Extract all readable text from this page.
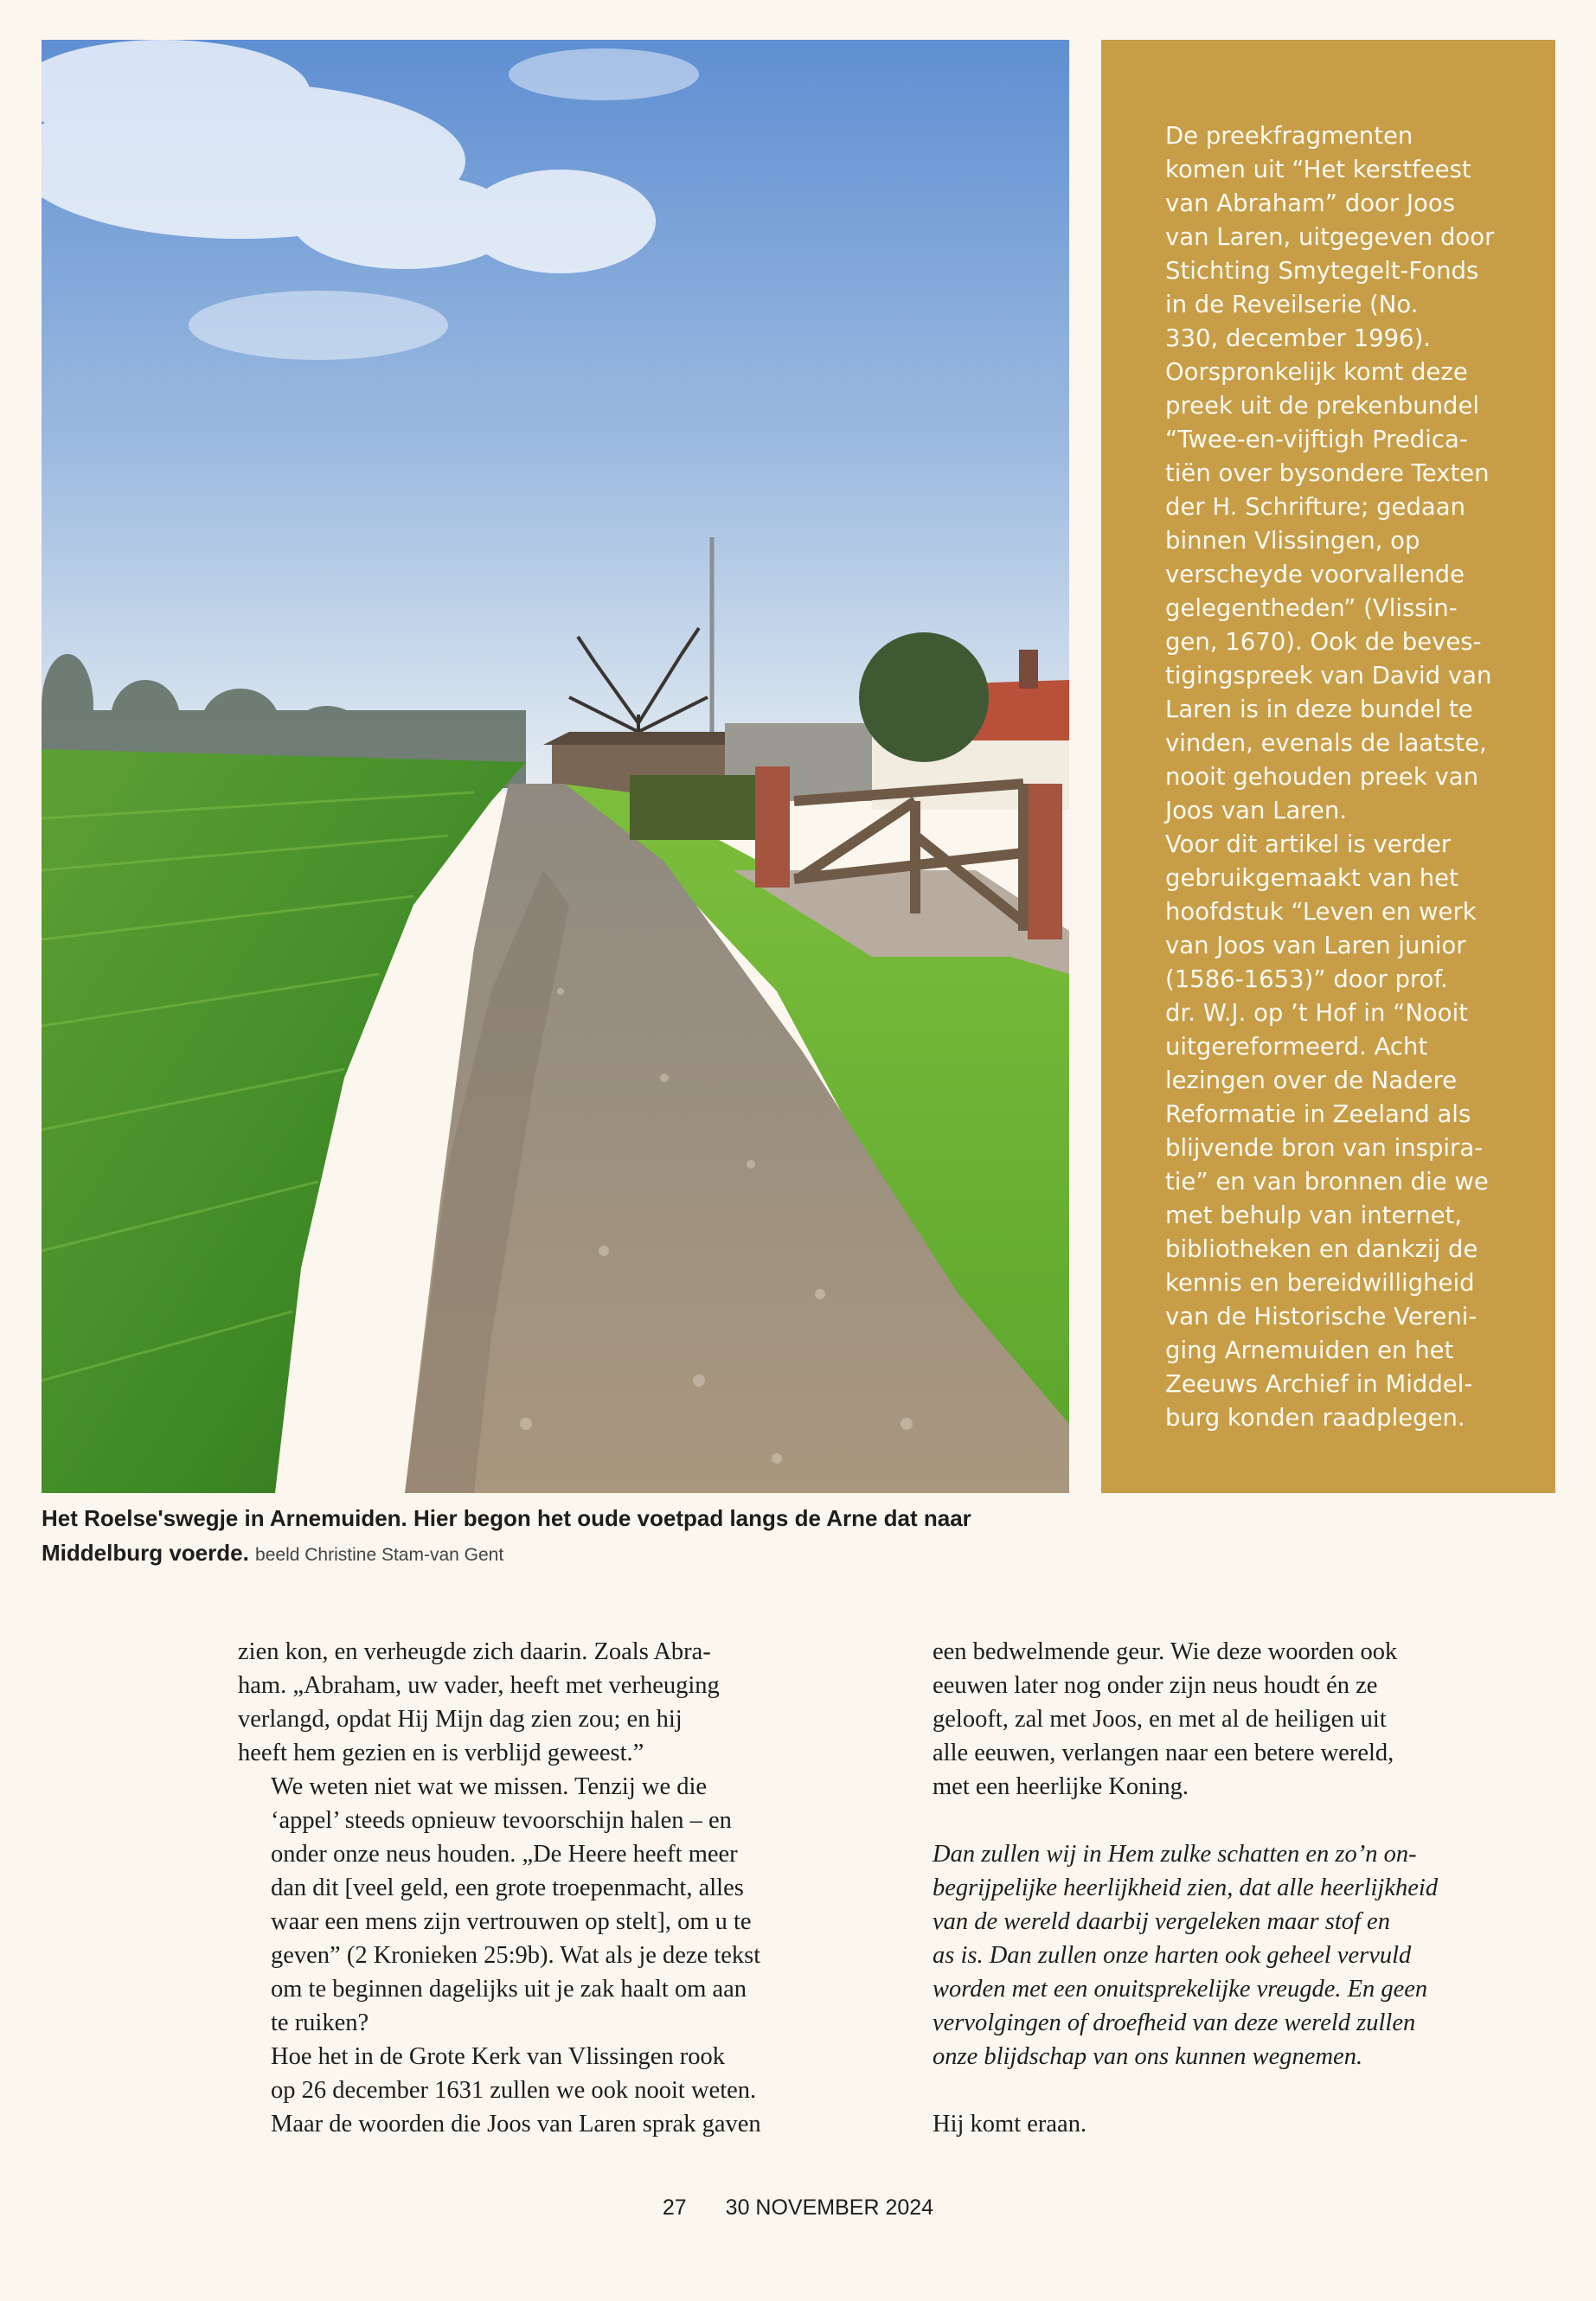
De preekfragmenten
komen uit “Het kerstfeest
van Abraham” door Joos
van Laren, uitgegeven door
Stichting Smytegelt-Fonds
in de Reveilserie (No.
330, december 1996).
Oorspronkelijk komt deze
preek uit de prekenbundel
“Twee-en-vijftigh Predica-
tiën over bysondere Texten
der H. Schrifture; gedaan
binnen Vlissingen, op
verscheyde voorvallende
gelegentheden” (Vlissin-
gen, 1670). Ook de beves-
tigingspreek van David van
Laren is in deze bundel te
vinden, evenals de laatste,
nooit gehouden preek van
Joos van Laren.
Voor dit artikel is verder
gebruikgemaakt van het
hoofdstuk “Leven en werk
van Joos van Laren junior
(1586-1653)” door prof.
dr. W.J. op ’t Hof in “Nooit
uitgereformeerd. Acht
lezingen over de Nadere
Reformatie in Zeeland als
blijvende bron van inspira-
tie” en van bronnen die we
met behulp van internet,
bibliotheken en dankzij de
kennis en bereidwilligheid
van de Historische Vereni-
ging Arnemuiden en het
Zeeuws Archief in Middel-
burg konden raadplegen.

Het Roelse'swegje in Arnemuiden. Hier begon het oude voetpad langs de Arne dat naar
Middelburg voerde. beeld Christine Stam-van Gent

zien kon, en verheugde zich daarin. Zoals Abra-
ham. „Abraham, uw vader, heeft met verheuging
verlangd, opdat Hij Mijn dag zien zou; en hij
heeft hem gezien en is verblijd geweest.”

We weten niet wat we missen. Tenzij we die
‘appel’ steeds opnieuw tevoorschijn halen – en
onder onze neus houden. „De Heere heeft meer
dan dit [veel geld, een grote troepenmacht, alles
waar een mens zijn vertrouwen op stelt], om u te
geven” (2 Kronieken 25:9b). Wat als je deze tekst
om te beginnen dagelijks uit je zak haalt om aan
te ruiken?

Hoe het in de Grote Kerk van Vlissingen rook
op 26 december 1631 zullen we ook nooit weten.
Maar de woorden die Joos van Laren sprak gaven

een bedwelmende geur. Wie deze woorden ook
eeuwen later nog onder zijn neus houdt én ze
gelooft, zal met Joos, en met al de heiligen uit
alle eeuwen, verlangen naar een betere wereld,
met een heerlijke Koning.

Dan zullen wij in Hem zulke schatten en zo’n on-
begrijpelijke heerlijkheid zien, dat alle heerlijkheid
van de wereld daarbij vergeleken maar stof en
as is. Dan zullen onze harten ook geheel vervuld
worden met een onuitsprekelijke vreugde. En geen
vervolgingen of droefheid van deze wereld zullen
onze blijdschap van ons kunnen wegnemen.

Hij komt eraan.

27 30 NOVEMBER 2024
